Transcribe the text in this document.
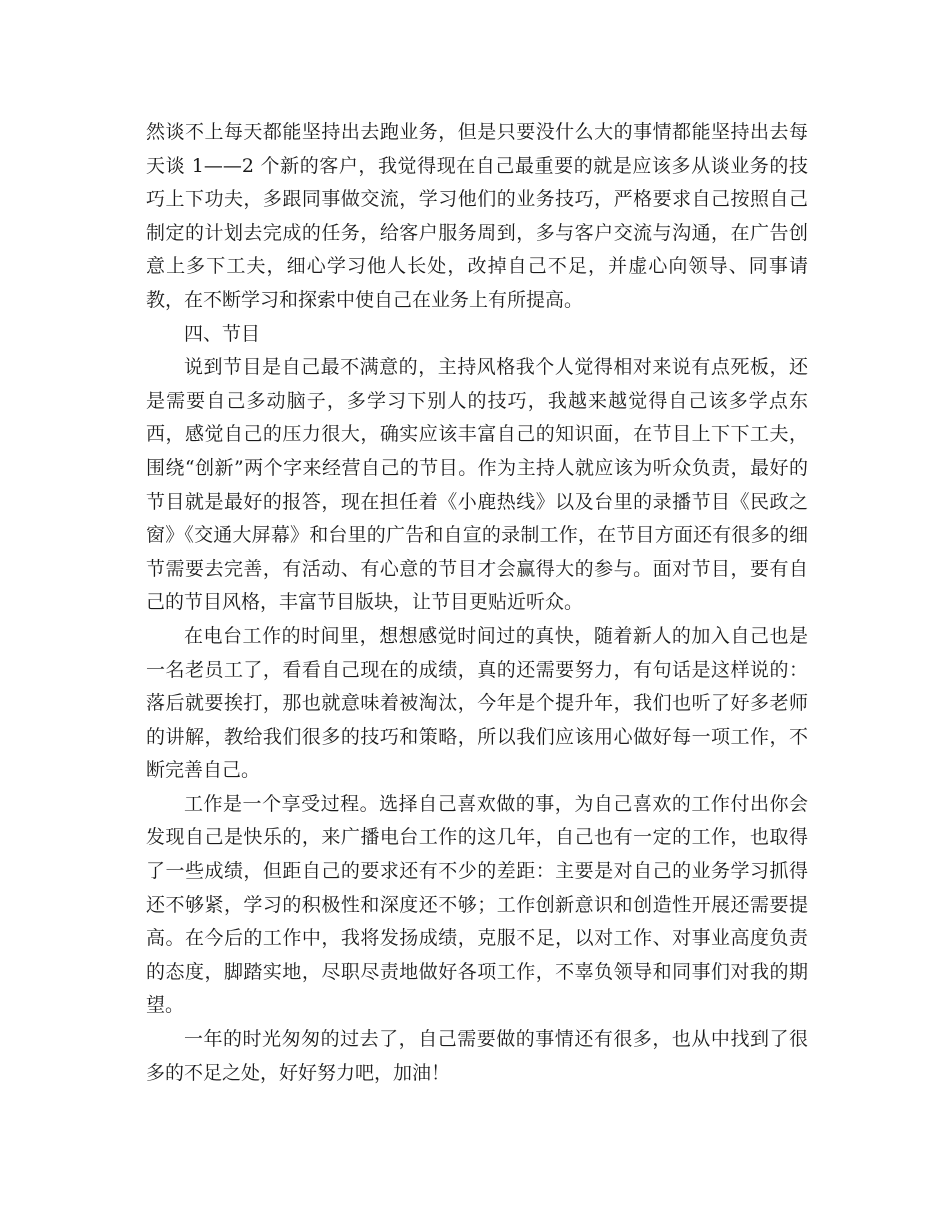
然谈不上每天都能坚持出去跑业务，但是只要没什么大的事情都能坚持出去每天谈 1——2 个新的客户，我觉得现在自己最重要的就是应该多从谈业务的技巧上下功夫，多跟同事做交流，学习他们的业务技巧，严格要求自己按照自己制定的计划去完成的任务，给客户服务周到，多与客户交流与沟通，在广告创意上多下工夫，细心学习他人长处，改掉自己不足，并虚心向领导、同事请教，在不断学习和探索中使自己在业务上有所提高。

四、节目

说到节目是自己最不满意的，主持风格我个人觉得相对来说有点死板，还是需要自己多动脑子，多学习下别人的技巧，我越来越觉得自己该多学点东西，感觉自己的压力很大，确实应该丰富自己的知识面，在节目上下下工夫，围绕“创新”两个字来经营自己的节目。作为主持人就应该为听众负责，最好的节目就是最好的报答，现在担任着《小鹿热线》以及台里的录播节目《民政之窗》《交通大屏幕》和台里的广告和自宣的录制工作，在节目方面还有很多的细节需要去完善，有活动、有心意的节目才会赢得大的参与。面对节目，要有自己的节目风格，丰富节目版块，让节目更贴近听众。

在电台工作的时间里，想想感觉时间过的真快，随着新人的加入自己也是一名老员工了，看看自己现在的成绩，真的还需要努力，有句话是这样说的：落后就要挨打，那也就意味着被淘汰，今年是个提升年，我们也听了好多老师的讲解，教给我们很多的技巧和策略，所以我们应该用心做好每一项工作，不断完善自己。

工作是一个享受过程。选择自己喜欢做的事，为自己喜欢的工作付出你会发现自己是快乐的，来广播电台工作的这几年，自己也有一定的工作，也取得了一些成绩，但距自己的要求还有不少的差距：主要是对自己的业务学习抓得还不够紧，学习的积极性和深度还不够；工作创新意识和创造性开展还需要提高。在今后的工作中，我将发扬成绩，克服不足，以对工作、对事业高度负责的态度，脚踏实地，尽职尽责地做好各项工作，不辜负领导和同事们对我的期望。

一年的时光匆匆的过去了，自己需要做的事情还有很多，也从中找到了很多的不足之处，好好努力吧，加油！
